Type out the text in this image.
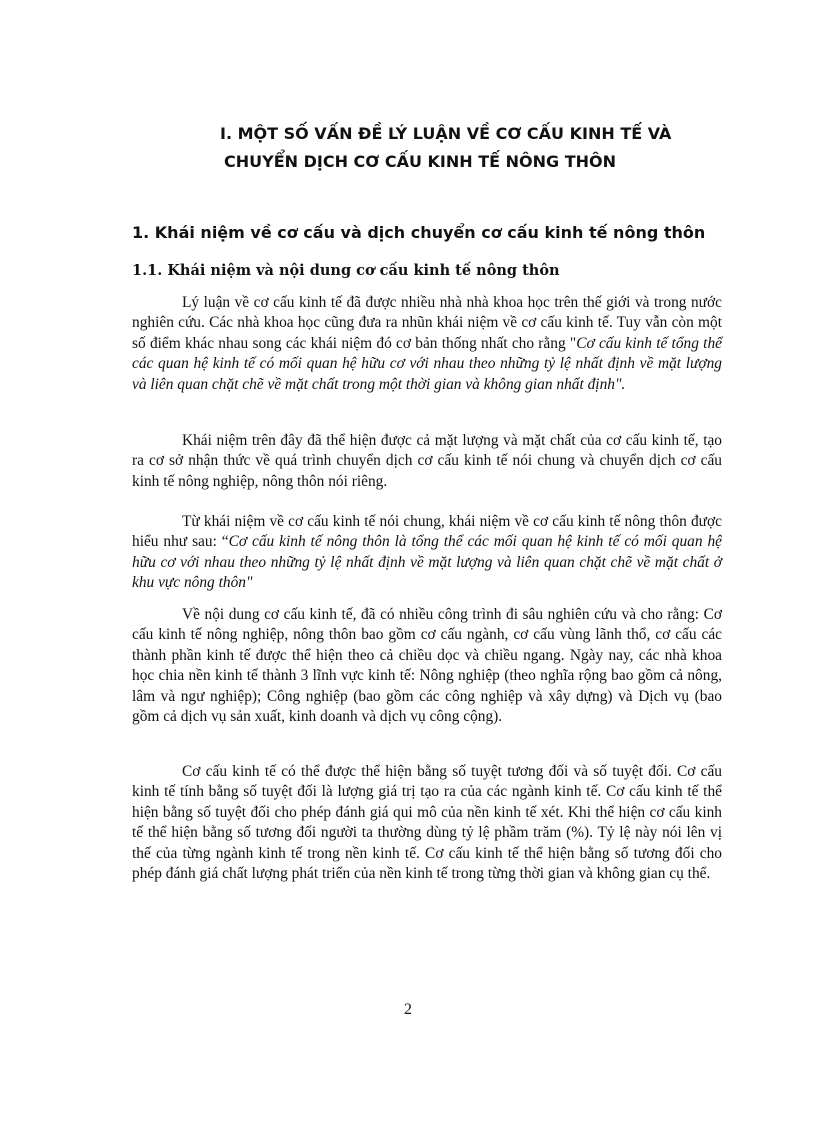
I. MỘT SỐ VẤN ĐỀ LÝ LUẬN VỀ CƠ CẤU KINH TẾ VÀ
CHUYỂN DỊCH CƠ CẤU KINH TẾ NÔNG THÔN
1. Khái niệm về cơ cấu và dịch chuyển cơ cấu kinh tế nông thôn
1.1. Khái niệm và nội dung cơ cấu kinh tế nông thôn

Lý luận về cơ cấu kinh tế đã được nhiều nhà nhà khoa học trên thế giới và trong nước nghiên cứu. Các nhà khoa học cũng đưa ra nhũn khái niệm về cơ cấu kinh tế. Tuy vẫn còn một số điểm khác nhau song các khái niệm đó cơ bản thống nhất cho rằng "Cơ cấu kinh tế tổng thể các quan hệ kinh tế có mối quan hệ hữu cơ với nhau theo những tỷ lệ nhất định về mặt lượng và liên quan chặt chẽ về mặt chất trong một thời gian và không gian nhất định".

Khái niệm trên đây đã thể hiện được cả mặt lượng và mặt chất của cơ cấu kinh tế, tạo ra cơ sở nhận thức về quá trình chuyển dịch cơ cấu kinh tế nói chung và chuyển dịch cơ cấu kinh tế nông nghiệp, nông thôn nói riêng.

Từ khái niệm về cơ cấu kinh tế nói chung, khái niệm về cơ cấu kinh tế nông thôn được hiểu như sau: “Cơ cấu kinh tế nông thôn là tổng thể các mối quan hệ kinh tế có mối quan hệ hữu cơ với nhau theo những tỷ lệ nhất định về mặt lượng và liên quan chặt chẽ về mặt chất ở khu vực nông thôn"

Về nội dung cơ cấu kinh tế, đã có nhiều công trình đi sâu nghiên cứu và cho rằng: Cơ cấu kinh tế nông nghiệp, nông thôn bao gồm cơ cấu ngành, cơ cấu vùng lãnh thổ, cơ cấu các thành phần kinh tế được thể hiện theo cả chiều dọc và chiều ngang. Ngày nay, các nhà khoa học chia nền kinh tế thành 3 lĩnh vực kinh tế: Nông nghiệp (theo nghĩa rộng bao gồm cả nông, lâm và ngư nghiệp); Công nghiệp (bao gồm các công nghiệp và xây dựng) và Dịch vụ (bao gồm cả dịch vụ sản xuất, kinh doanh và dịch vụ công cộng).

Cơ cấu kinh tế có thể được thể hiện bằng số tuyệt tương đối và số tuyệt đối. Cơ cấu kinh tế tính bằng số tuyệt đối là lượng giá trị tạo ra của các ngành kinh tế. Cơ cấu kinh tế thể hiện bằng số tuyệt đối cho phép đánh giá qui mô của nền kinh tế xét. Khi thể hiện cơ cấu kinh tế thể hiện bằng số tương đối người ta thường dùng tỷ lệ phầm trăm (%). Tỷ lệ này nói lên vị thế của từng ngành kinh tế trong nền kinh tế. Cơ cấu kinh tế thể hiện bằng số tương đối cho phép đánh giá chất lượng phát triển của nền kinh tế trong từng thời gian và không gian cụ thể.

2
